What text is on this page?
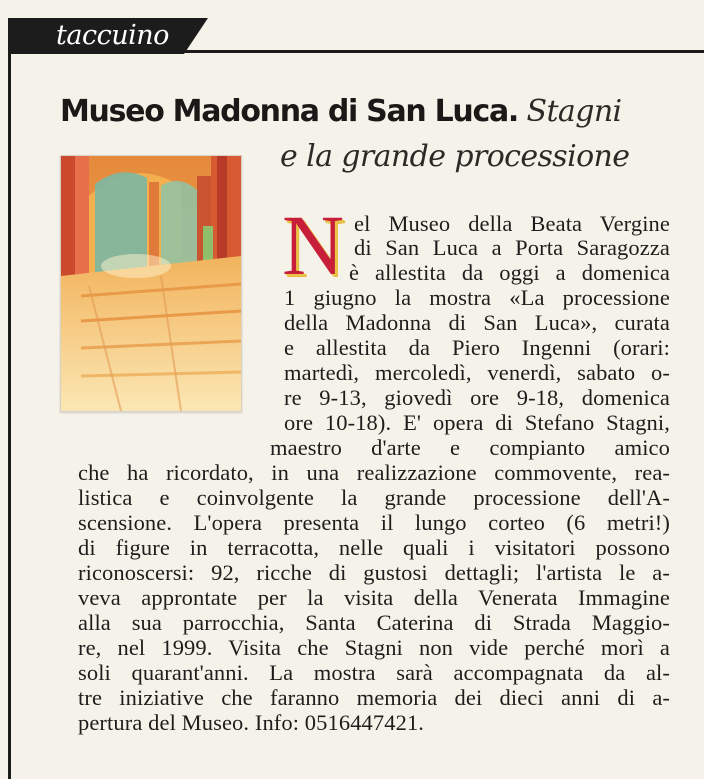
taccuino
Museo Madonna di San Luca. Stagni
e la grande processione
N el Museo della Beata Vergine
di San Luca a Porta Saragozza
è allestita da oggi a domenica
1 giugno la mostra «La processione
della Madonna di San Luca», curata
e allestita da Piero Ingenni (orari:
martedì, mercoledì, venerdì, sabato o-
re 9-13, giovedì ore 9-18, domenica
ore 10-18). E' opera di Stefano Stagni,
maestro d'arte e compianto amico
che ha ricordato, in una realizzazione commovente, rea-
listica e coinvolgente la grande processione dell'A-
scensione. L'opera presenta il lungo corteo (6 metri!)
di figure in terracotta, nelle quali i visitatori possono
riconoscersi: 92, ricche di gustosi dettagli; l'artista le a-
veva approntate per la visita della Venerata Immagine
alla sua parrocchia, Santa Caterina di Strada Maggio-
re, nel 1999. Visita che Stagni non vide perché morì a
soli quarant'anni. La mostra sarà accompagnata da al-
tre iniziative che faranno memoria dei dieci anni di a-
pertura del Museo. Info: 0516447421.
